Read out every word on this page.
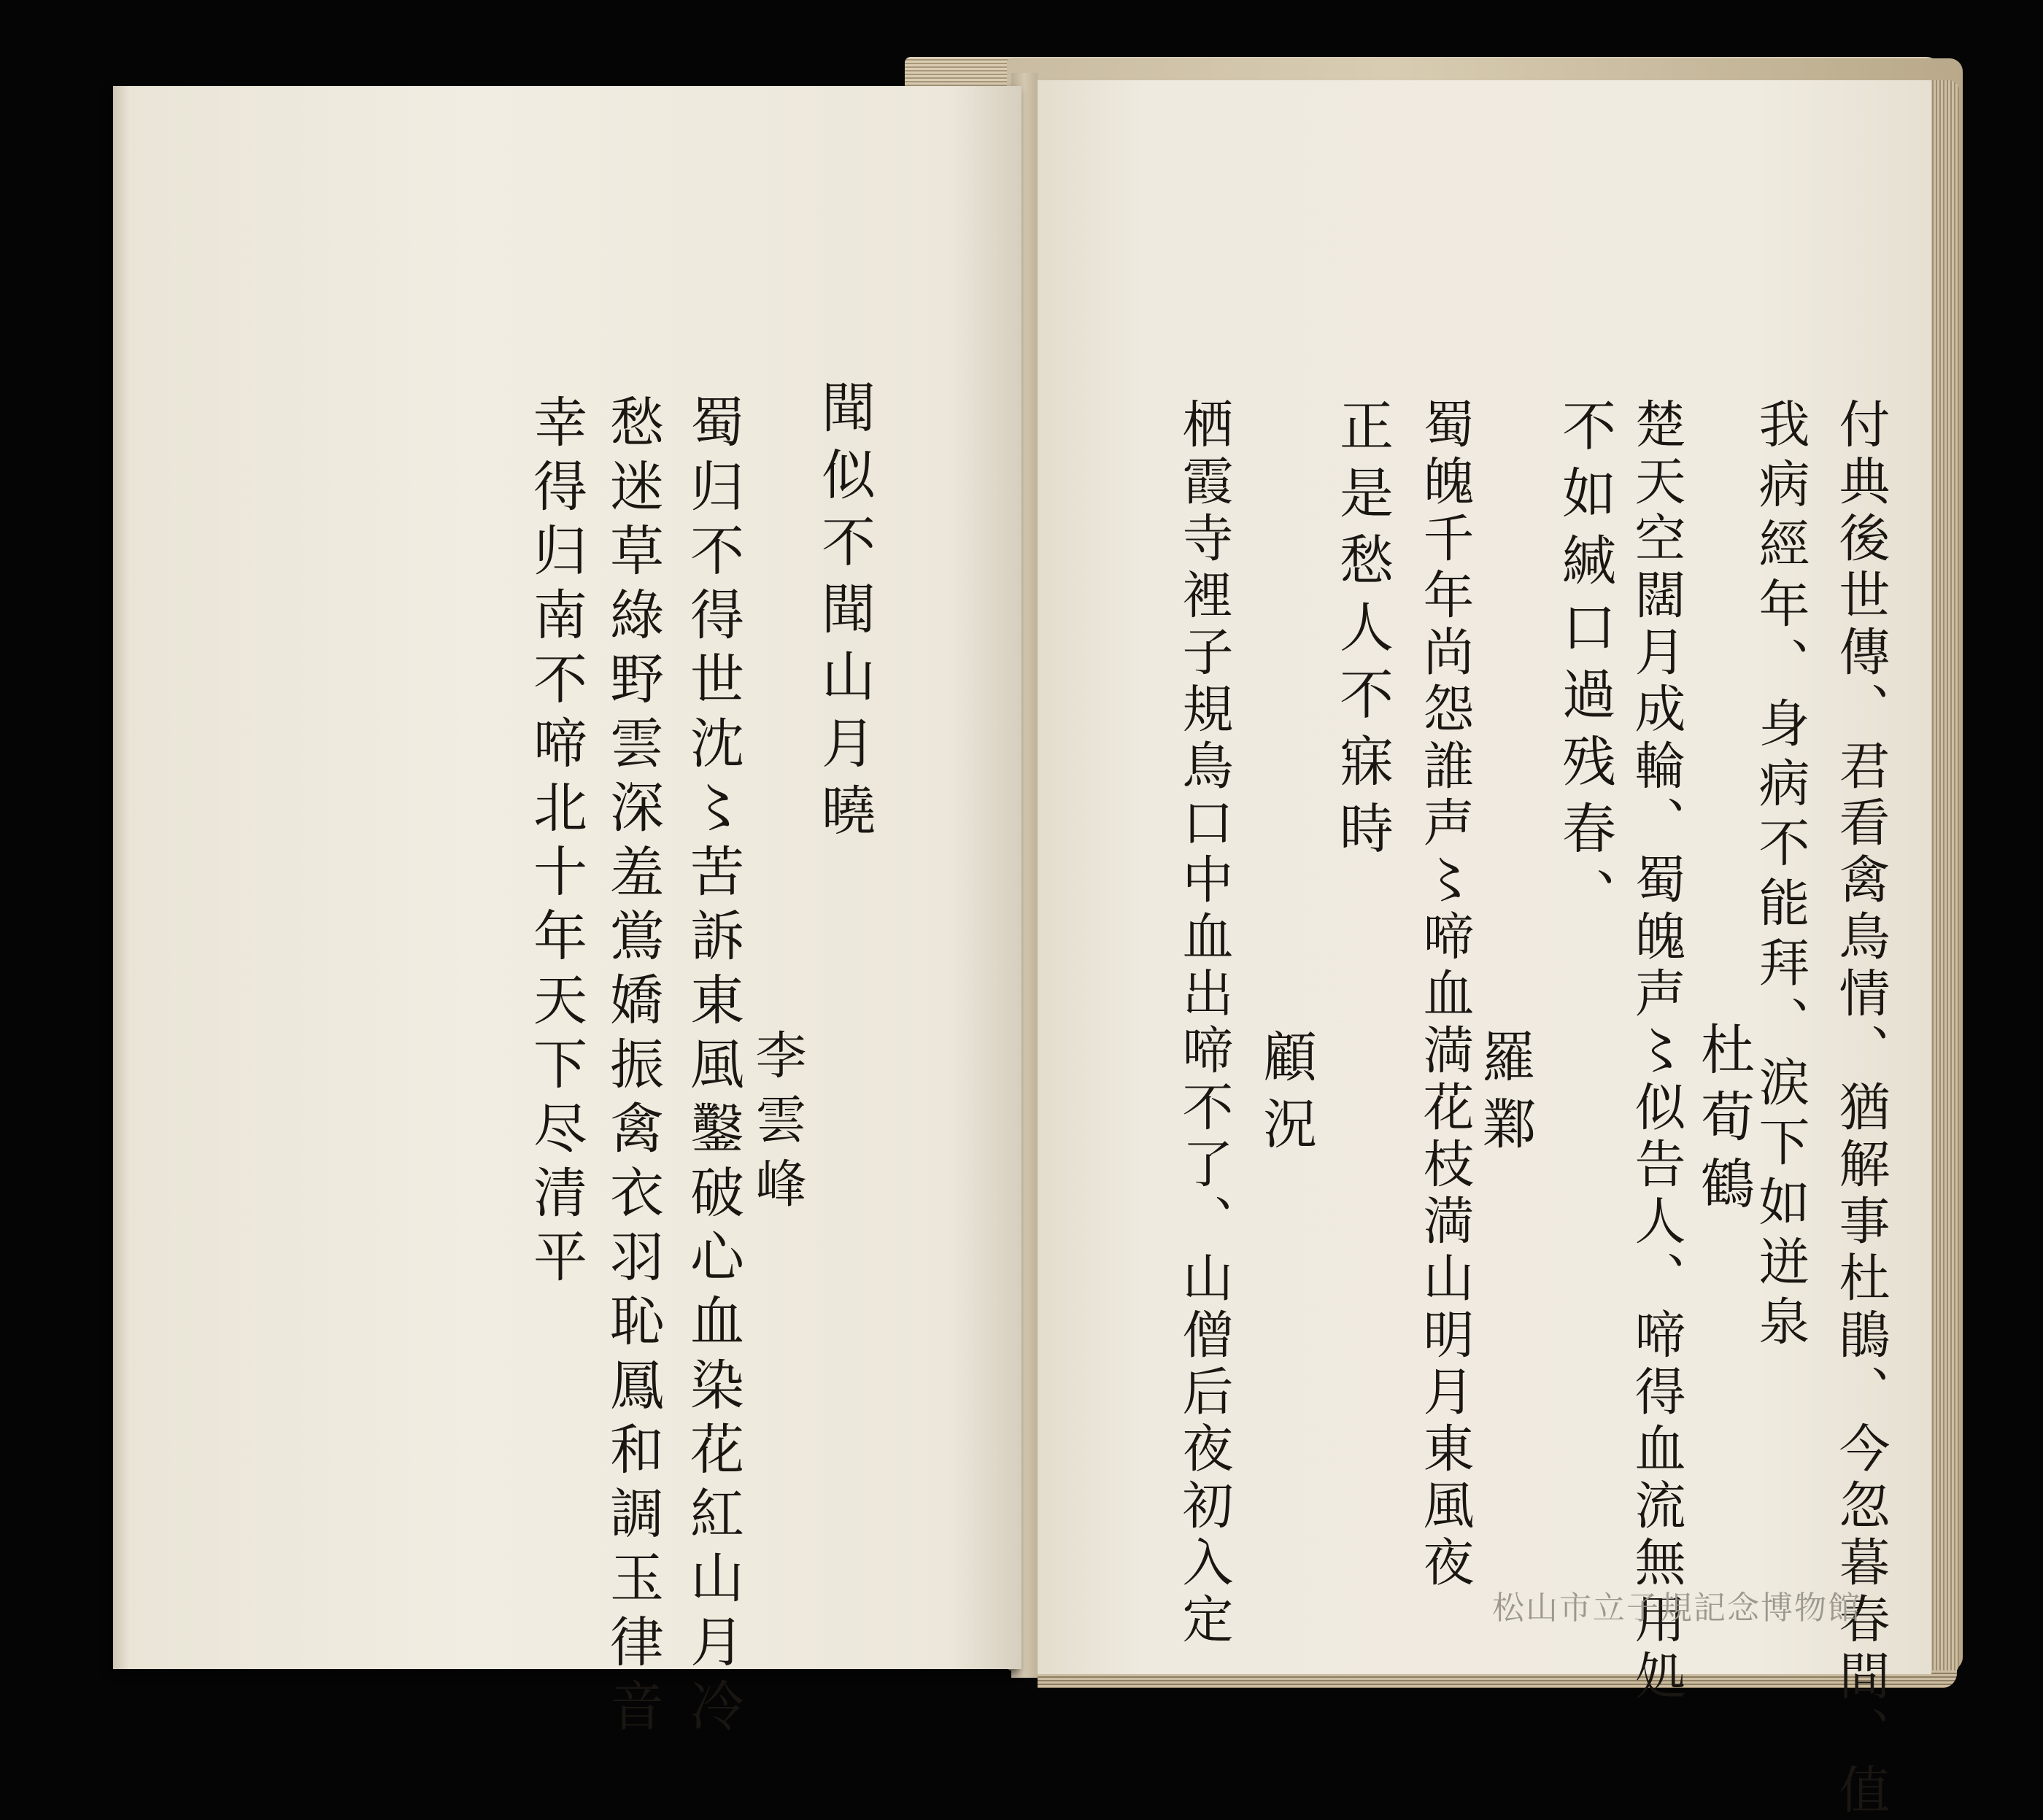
聞似不聞山月曉
李雲峰
蜀归不得世沈〻苦訴東風鑿破心血染花紅山月冷
愁迷草綠野雲深羞鴬嬌振禽衣羽恥鳳和調玉律音
幸得归南不啼北十年天下尽清平	付典後世傳、君看禽鳥情、猶解事杜鵑、今忽暮春間、值
我病經年、身病不能拜、涙下如迸泉
杜荀鶴
楚天空闊月成輪、蜀魄声〻似告人、啼得血流無用処
不如緘口過残春、
蜀魄千年尚怨誰声〻啼血満花枝満山明月東風夜
羅鄴
正是愁人不寐時
顧況
栖霞寺裡子規鳥口中血出啼不了、山僧后夜初入定	松山市立子規記念博物館
